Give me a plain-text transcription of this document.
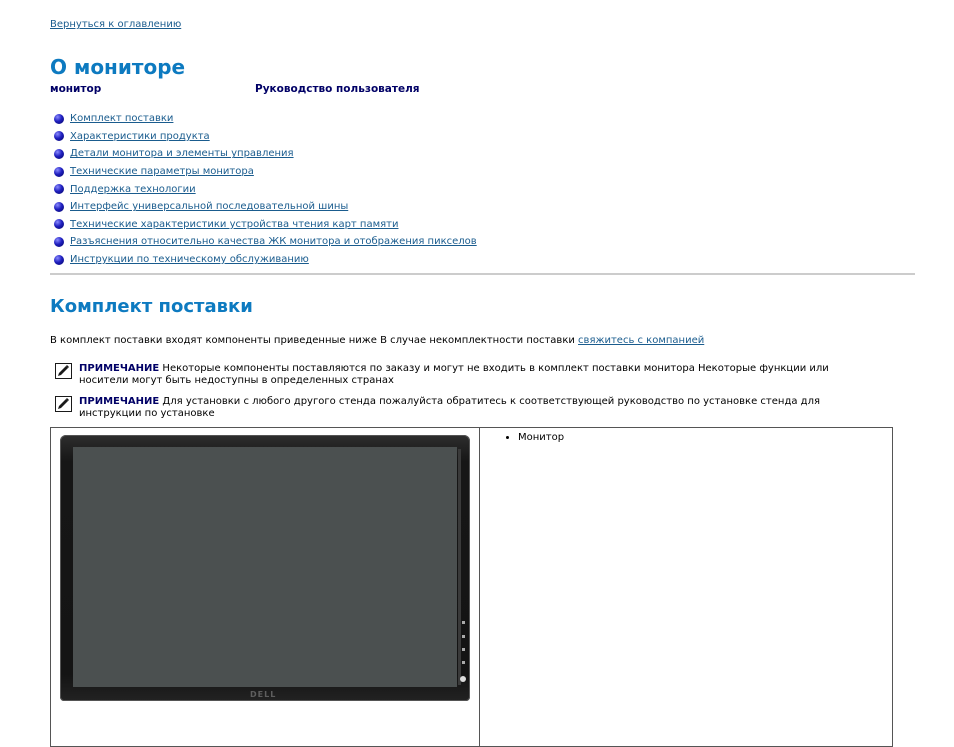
Вернуться к оглавлению
О мониторе
монитор	Руководство пользователя
Комплект поставки
Характеристики продукта
Детали монитора и элементы управления
Технические параметры монитора
Поддержка технологии
Интерфейс универсальной последовательной шины
Технические характеристики устройства чтения карт памяти
Разъяснения относительно качества ЖК монитора и отображения пикселов
Инструкции по техническому обслуживанию
Комплект поставки
В комплект поставки входят компоненты приведенные ниже В случае некомплектности поставки свяжитесь с компанией
ПРИМЕЧАНИЕ Некоторые компоненты поставляются по заказу и могут не входить в комплект поставки монитора Некоторые функции или носители могут быть недоступны в определенных странах
ПРИМЕЧАНИЕ Для установки с любого другого стенда пожалуйста обратитесь к соответствующей руководство по установке стенда для инструкции по установке
DELL
• Монитор
